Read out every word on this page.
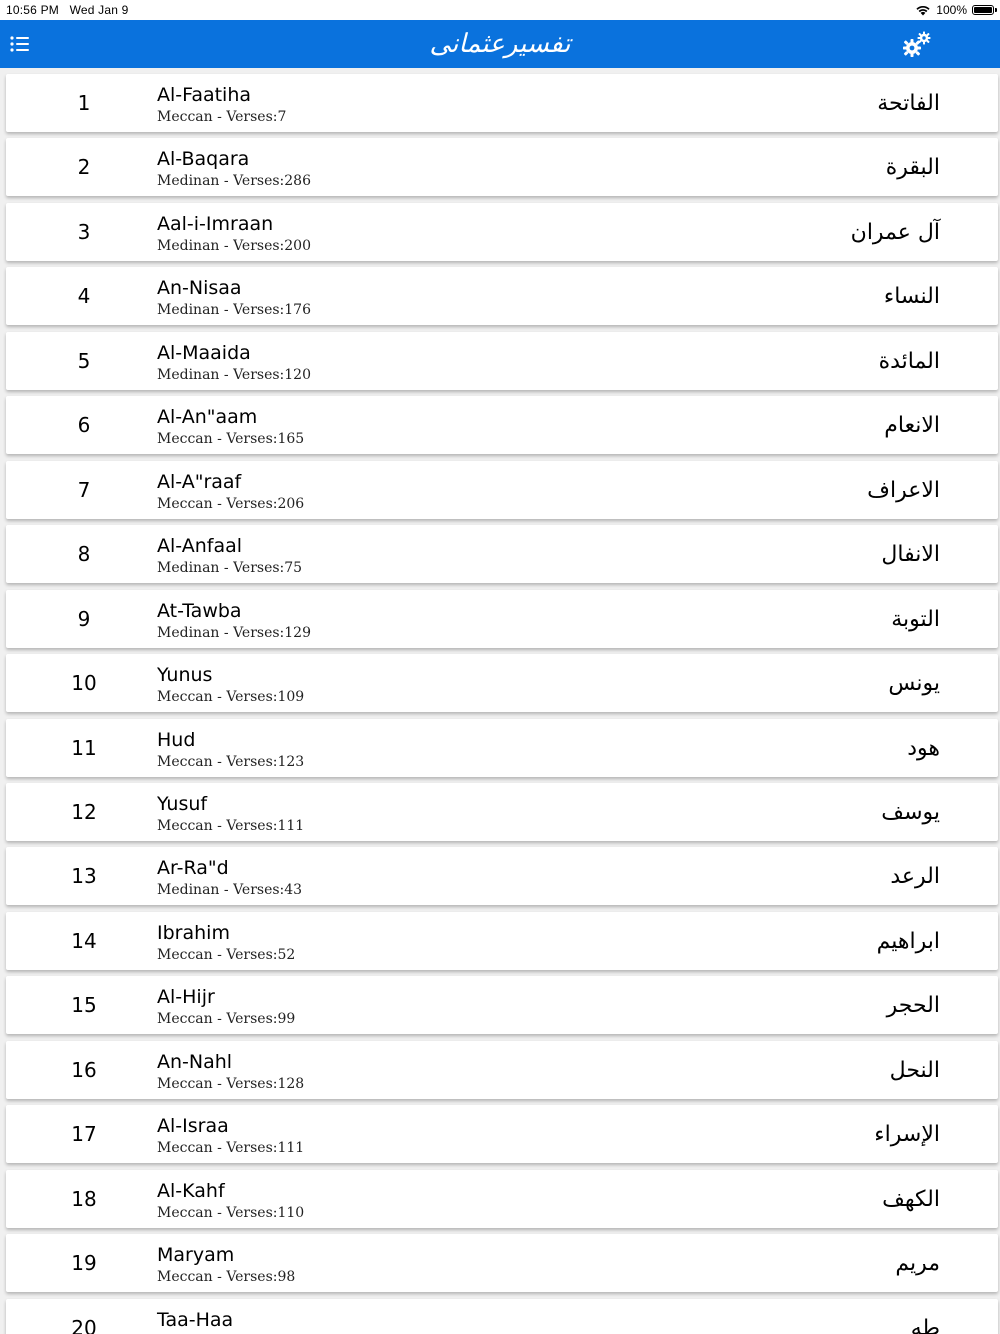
10:56 PM Wed Jan 9	100%
تفسیرعثمانی
1	Al-Faatiha
Meccan - Verses:7
الفاتحة
2	Al-Baqara
Medinan - Verses:286
البقرة
3	Aal-i-Imraan
Medinan - Verses:200
آل عمران
4	An-Nisaa
Medinan - Verses:176
النساء
5	Al-Maaida
Medinan - Verses:120
المائدة
6	Al-An"aam
Meccan - Verses:165
الانعام
7	Al-A"raaf
Meccan - Verses:206
الاعراف
8	Al-Anfaal
Medinan - Verses:75
الانفال
9	At-Tawba
Medinan - Verses:129
التوبة
10	Yunus
Meccan - Verses:109
يونس
11	Hud
Meccan - Verses:123
هود
12	Yusuf
Meccan - Verses:111
يوسف
13	Ar-Ra"d
Medinan - Verses:43
الرعد
14	Ibrahim
Meccan - Verses:52
ابراهيم
15	Al-Hijr
Meccan - Verses:99
الحجر
16	An-Nahl
Meccan - Verses:128
النحل
17	Al-Israa
Meccan - Verses:111
الإسراء
18	Al-Kahf
Meccan - Verses:110
الكهف
19	Maryam
Meccan - Verses:98
مريم
20	Taa-Haa	طه
